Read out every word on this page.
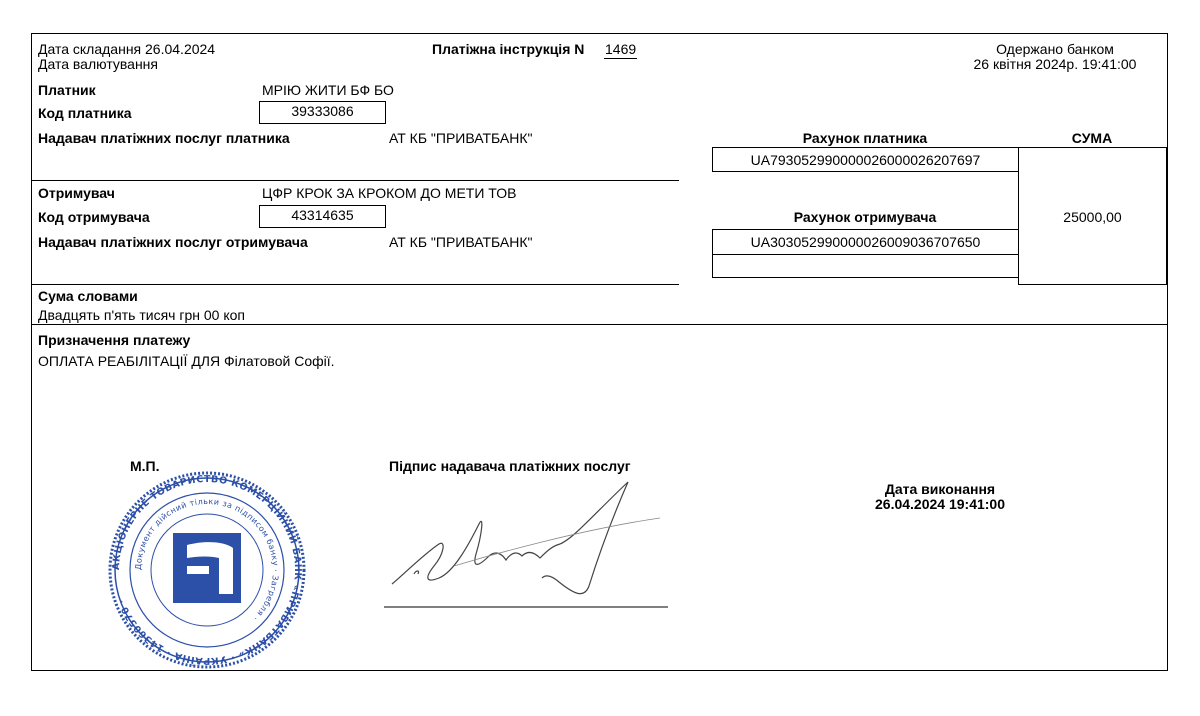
Дата складання 26.04.2024
Дата валютування
Платіжна інструкція N 1469	Одержано банком
26 квітня 2024р. 19:41:00
Платник	МРІЮ ЖИТИ БФ БО
Код платника	39333086
Надавач платіжних послуг платника	АТ КБ "ПРИВАТБАНК"
Отримувач	ЦФР КРОК ЗА КРОКОМ ДО МЕТИ ТОВ
Код отримувача	43314635
Надавач платіжних послуг отримувача	АТ КБ "ПРИВАТБАНК"
Рахунок платника
UA793052990000026000026207697
СУМА
25000,00
Рахунок отримувача
UA303052990000026009036707650
Сума словами
Двадцять п'ять тисяч грн 00 коп
Призначення платежу
ОПЛАТА РЕАБІЛІТАЦІЇ ДЛЯ Філатовой Софії.
М.П.	Підпис надавача платіжних послуг
Дата виконання
26.04.2024 19:41:00
АКЦІОНЕРНЕ ТОВАРИСТВО КОМЕРЦІЙНИЙ БАНК «ПРИВАТБАНК» · УКРАЇНА · 14360570 ·
Документ дійсний тільки за підписом банку · Загребля ·
